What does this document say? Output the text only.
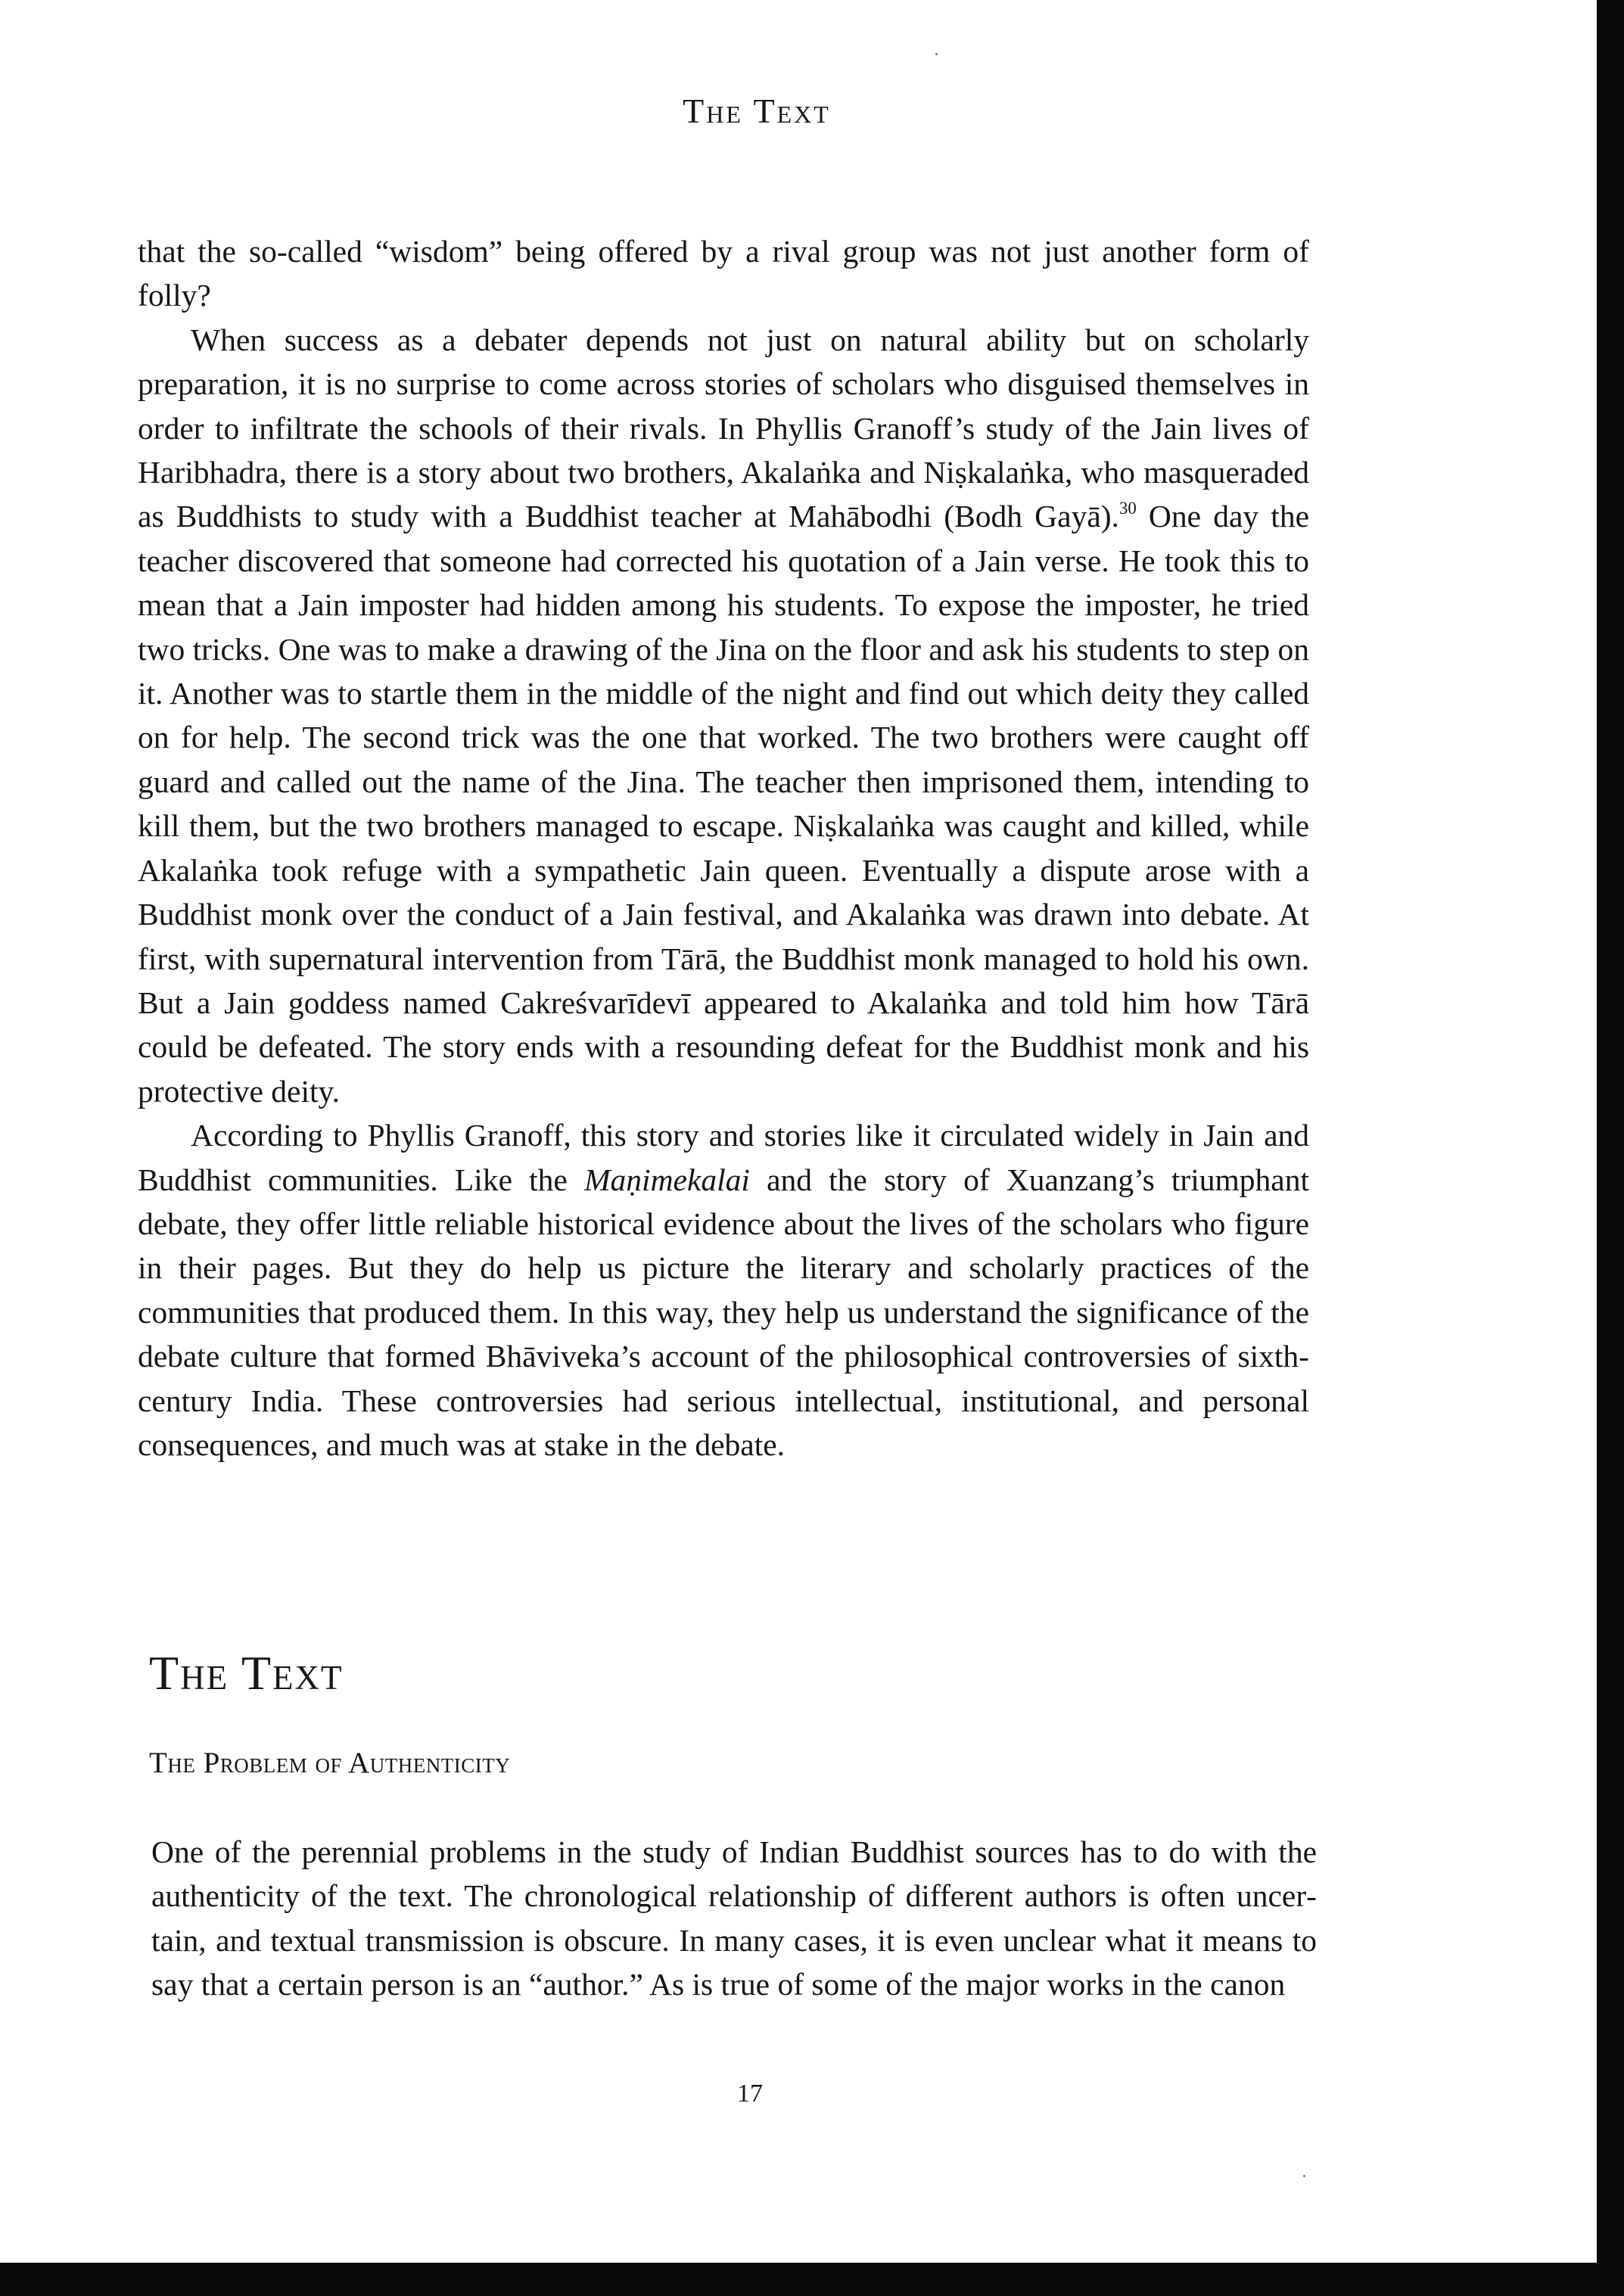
The Text

that the so-called “wisdom” being offered by a rival group was not just another form of folly?

When success as a debater depends not just on natural ability but on scholarly preparation, it is no surprise to come across stories of scholars who disguised themselves in order to infiltrate the schools of their rivals. In Phyllis Granoff’s study of the Jain lives of Haribhadra, there is a story about two brothers, Akalaṅka and Niṣkalaṅka, who masqueraded as Buddhists to study with a Buddhist teacher at Mahābodhi (Bodh Gayā).$^{30}$ One day the teacher discovered that someone had corrected his quotation of a Jain verse. He took this to mean that a Jain imposter had hidden among his students. To expose the imposter, he tried two tricks. One was to make a drawing of the Jina on the floor and ask his students to step on it. Another was to startle them in the middle of the night and find out which deity they called on for help. The second trick was the one that worked. The two brothers were caught off guard and called out the name of the Jina. The teacher then imprisoned them, intending to kill them, but the two brothers managed to escape. Niṣkalaṅka was caught and killed, while Akalaṅka took refuge with a sympathetic Jain queen. Eventually a dispute arose with a Buddhist monk over the conduct of a Jain festival, and Akalaṅka was drawn into debate. At first, with supernatural intervention from Tārā, the Buddhist monk managed to hold his own. But a Jain goddess named Cakreśvarīdevī appeared to Akalaṅka and told him how Tārā could be defeated. The story ends with a resounding defeat for the Buddhist monk and his protective deity.

According to Phyllis Granoff, this story and stories like it circulated widely in Jain and Buddhist communities. Like the Maṇimekalai and the story of Xuanzang’s triumphant debate, they offer little reliable historical evidence about the lives of the scholars who figure in their pages. But they do help us picture the literary and scholarly practices of the communities that produced them. In this way, they help us understand the significance of the debate culture that formed Bhāviveka’s account of the philosophical controversies of sixth-century India. These controversies had serious intellectual, institutional, and personal consequences, and much was at stake in the debate.

The Text
The Problem of Authenticity

One of the perennial problems in the study of Indian Buddhist sources has to do with the authenticity of the text. The chronological relationship of different authors is often uncertain, and textual transmission is obscure. In many cases, it is even unclear what it means to say that a certain person is an “author.” As is true of some of the major works in the canon

17
